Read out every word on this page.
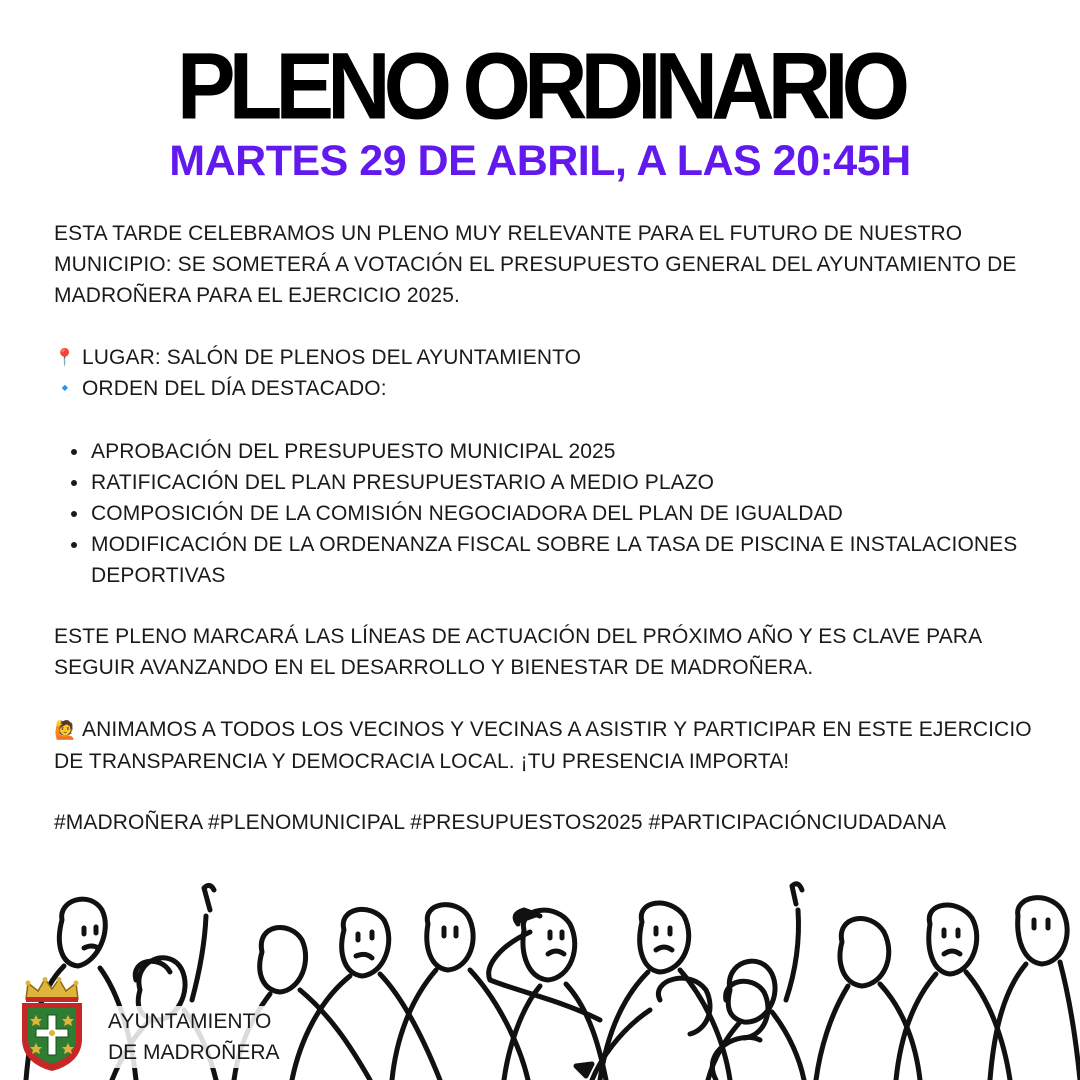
PLENO ORDINARIO
MARTES 29 DE ABRIL, A LAS 20:45H
ESTA TARDE CELEBRAMOS UN PLENO MUY RELEVANTE PARA EL FUTURO DE NUESTRO MUNICIPIO: SE SOMETERÁ A VOTACIÓN EL PRESUPUESTO GENERAL DEL AYUNTAMIENTO DE MADROÑERA PARA EL EJERCICIO 2025.
📍 LUGAR: SALÓN DE PLENOS DEL AYUNTAMIENTO
🔹 ORDEN DEL DÍA DESTACADO:
APROBACIÓN DEL PRESUPUESTO MUNICIPAL 2025
RATIFICACIÓN DEL PLAN PRESUPUESTARIO A MEDIO PLAZO
COMPOSICIÓN DE LA COMISIÓN NEGOCIADORA DEL PLAN DE IGUALDAD
MODIFICACIÓN DE LA ORDENANZA FISCAL SOBRE LA TASA DE PISCINA E INSTALACIONES DEPORTIVAS
ESTE PLENO MARCARÁ LAS LÍNEAS DE ACTUACIÓN DEL PRÓXIMO AÑO Y ES CLAVE PARA SEGUIR AVANZANDO EN EL DESARROLLO Y BIENESTAR DE MADROÑERA.
🙋 ANIMAMOS A TODOS LOS VECINOS Y VECINAS A ASISTIR Y PARTICIPAR EN ESTE EJERCICIO DE TRANSPARENCIA Y DEMOCRACIA LOCAL. ¡TU PRESENCIA IMPORTA!
#MADROÑERA #PLENOMUNICIPAL #PRESUPUESTOS2025 #PARTICIPACIÓNCIUDADANA
AYUNTAMIENTO
DE MADROÑERA
